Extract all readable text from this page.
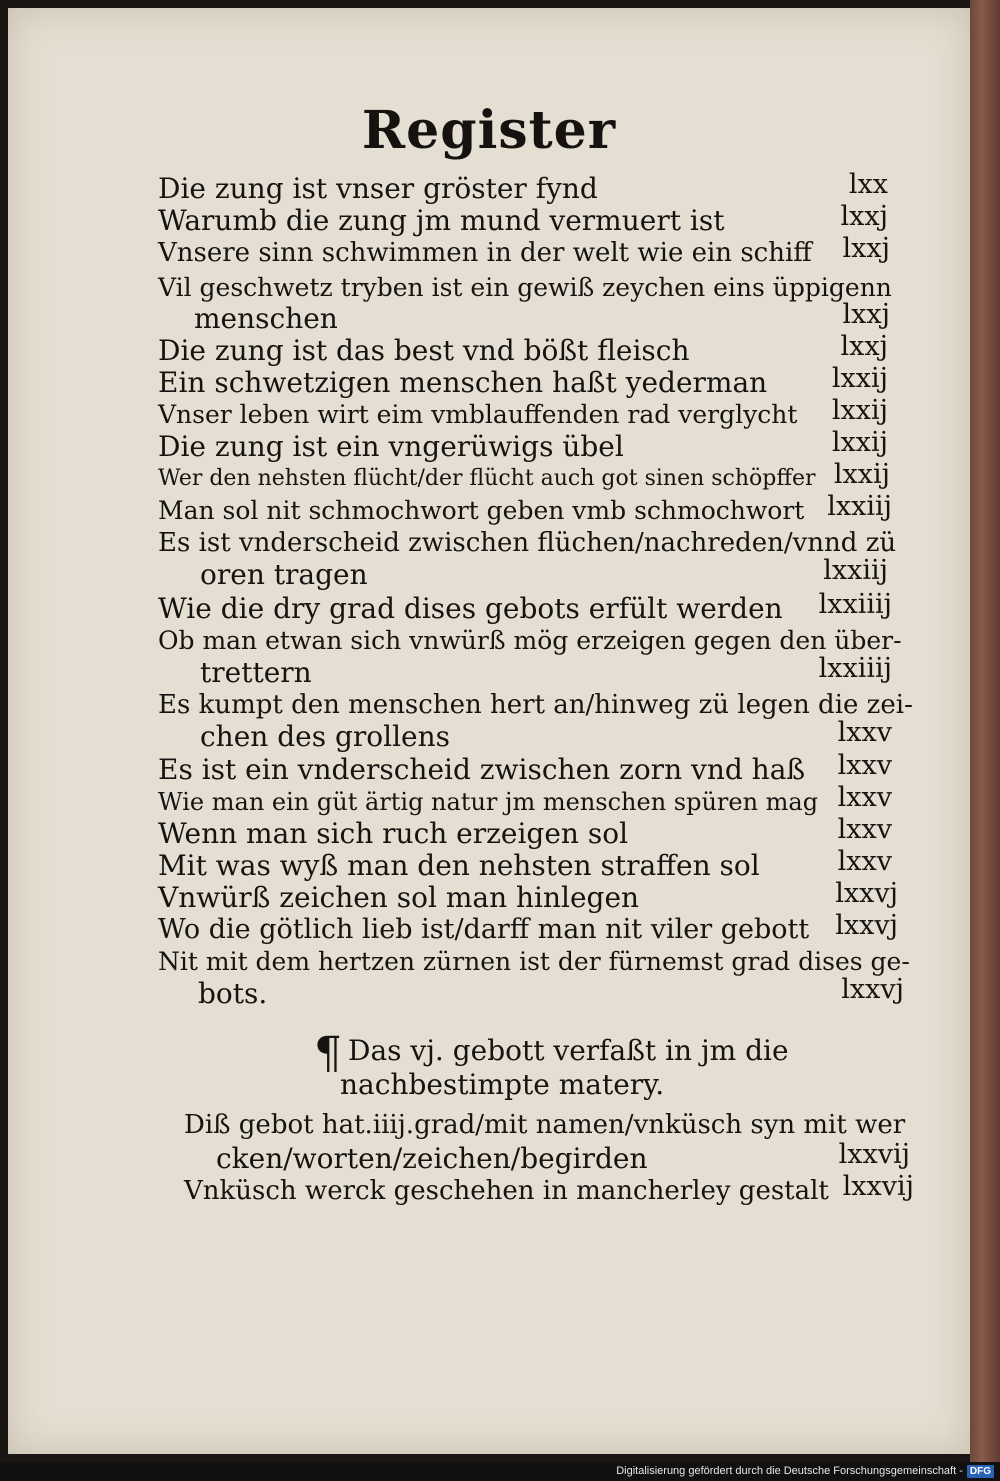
Register
Die zung ist vnser gröster fynd	lxx
Warumb die zung jm mund vermuert ist	lxxj
Vnsere sinn schwimmen in der welt wie ein schiff lxxj
Vil geschwetz tryben ist ein gewiß zeychen eins üppigenn
menschen	lxxj
Die zung ist das best vnd bößt fleisch	lxxj
Ein schwetzigen menschen haßt yederman lxxij
Vnser leben wirt eim vmblauffenden rad verglycht lxxij
Die zung ist ein vngerüwigs übel	lxxij
Wer den nehsten flücht/der flücht auch got sinen schöpffer lxxij
Man sol nit schmochwort geben vmb schmochwort lxxiij
Es ist vnderscheid zwischen flüchen/nachreden/vnnd zü
oren tragen	lxxiij
Wie die dry grad dises gebots erfült werden lxxiiij
Ob man etwan sich vnwürß mög erzeigen gegen den über-
trettern	lxxiiij
Es kumpt den menschen hert an/hinweg zü legen die zei-
chen des grollens	lxxv
Es ist ein vnderscheid zwischen zorn vnd haß lxxv
Wie man ein güt ärtig natur jm menschen spüren mag lxxv
Wenn man sich ruch erzeigen sol	lxxv
Mit was wyß man den nehsten straffen sol	lxxv
Vnwürß zeichen sol man hinlegen	lxxvj
Wo die götlich lieb ist/darff man nit viler gebott lxxvj
Nit mit dem hertzen zürnen ist der fürnemst grad dises ge-
bots.	lxxvj
¶ Das vj. gebott verfaßt in jm die
nachbestimpte matery.
Diß gebot hat.iiij.grad/mit namen/vnküsch syn mit wer
cken/worten/zeichen/begirden	lxxvij
Vnküsch werck geschehen in mancherley gestalt lxxvij
Digitalisierung gefördert durch die Deutsche Forschungsgemeinschaft - DFG
